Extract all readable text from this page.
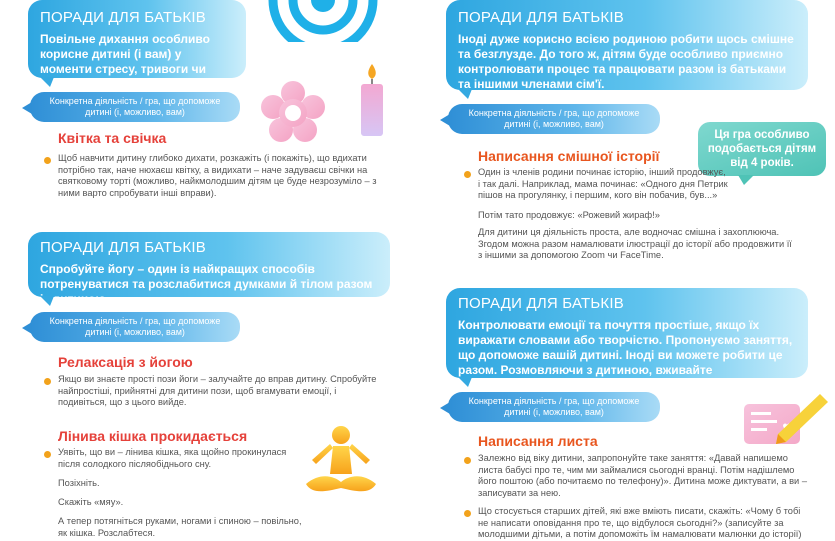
ПОРАДИ ДЛЯ БАТЬКІВ
Повільне дихання особливо корисне дитині (і вам) у моменти стресу, тривоги чи гніву.
Конкретна діяльність / гра, що допоможе дитині (і, можливо, вам)
Квітка та свічка
Щоб навчити дитину глибоко дихати, розкажіть (і покажіть), що вдихати потрібно так, наче нюхаєш квітку, а видихати – наче задуваєш свічки на святковому торті (можливо, найкмолодшим дітям це буде незрозуміло – з ними варто спробувати інші вправи).
ПОРАДИ ДЛЯ БАТЬКІВ
Спробуйте йогу – один із найкращих способів потренуватися та розслабитися думками й тілом разом із дитиною.
Конкретна діяльність / гра, що допоможе дитині (і, можливо, вам)
Релаксація з йогою
Якщо ви знаєте прості пози йоги – залучайте до вправ дитину. Спробуйте найпростіші, прийнятні для дитини пози, щоб вгамувати емоції, і подивіться, що з цього вийде.
Лінива кішка прокидається
Уявіть, що ви – лінива кішка, яка щойно прокинулася після солодкого післяобіднього сну.
Позіхніть.
Скажіть «мяу».
А тепер потягніться руками, ногами і спиною – повільно, як кішка. Розслабтеся.
ПОРАДИ ДЛЯ БАТЬКІВ
Іноді дуже корисно всією родиною робити щось смішне та безглузде. До того ж, дітям буде особливо приємно контролювати процес та працювати разом із батьками та іншими членами сім'ї.
Конкретна діяльність / гра, що допоможе дитині (і, можливо, вам)
Ця гра особливо подобається дітям від 4 років.
Написання смішної історії
Один із членів родини починає історію, інший продовжує, і так далі. Наприклад, мама починає: «Одного дня Петрик пішов на прогулянку, і першим, кого він побачив, був...»
Потім тато продовжує: «Рожевий жираф!»
Для дитини ця діяльність проста, але водночас смішна і захоплююча. Згодом можна разом намалювати ілюстрації до історії або продовжити її з іншими за допомогою Zoom чи FaceTime.
ПОРАДИ ДЛЯ БАТЬКІВ
Контролювати емоції та почуття простіше, якщо їх виражати словами або творчістю. Пропонуємо заняття, що допоможе вашій дитині. Іноді ви можете робити це разом. Розмовляючи з дитиною, вживайте слова-«почуття».
Конкретна діяльність / гра, що допоможе дитині (і, можливо, вам)
Написання листа
Залежно від віку дитини, запропонуйте таке заняття: «Давай напишемо листа бабусі про те, чим ми займалися сьогодні вранці. Потім надішлемо його поштою (або почитаємо по телефону)». Дитина може диктувати, а ви – записувати за нею.
Що стосується старших дітей, які вже вміють писати, скажіть: «Чому б тобі не написати оповідання про те, що відбулося сьогодні?» (записуйте за молодшими дітьми, а потім допоможіть їм намалювати малюнки до історії)
